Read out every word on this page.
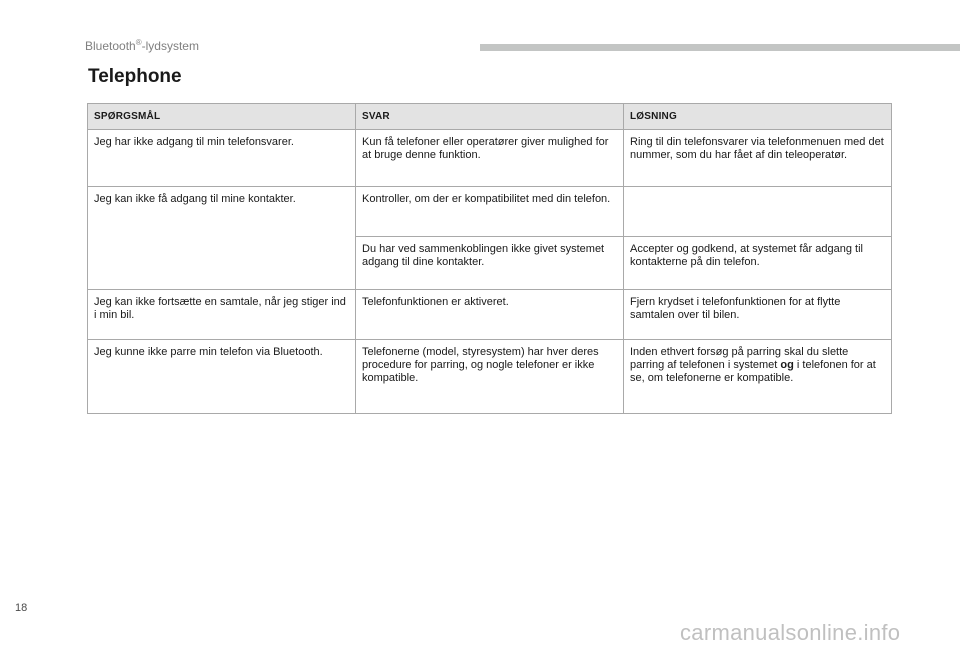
Bluetooth®-lydsystem
Telephone
SPØRGSMÅL	SVAR	LØSNING
Jeg har ikke adgang til min telefonsvarer.	Kun få telefoner eller operatører giver mulighed for at bruge denne funktion.	Ring til din telefonsvarer via telefonmenuen med det nummer, som du har fået af din teleoperatør.
Jeg kan ikke få adgang til mine kontakter.	Kontroller, om der er kompatibilitet med din telefon.	
	Du har ved sammenkoblingen ikke givet systemet adgang til dine kontakter.	Accepter og godkend, at systemet får adgang til kontakterne på din telefon.
Jeg kan ikke fortsætte en samtale, når jeg stiger ind i min bil.	Telefonfunktionen er aktiveret.	Fjern krydset i telefonfunktionen for at flytte samtalen over til bilen.
Jeg kunne ikke parre min telefon via Bluetooth.	Telefonerne (model, styresystem) har hver deres procedure for parring, og nogle telefoner er ikke kompatible.	Inden ethvert forsøg på parring skal du slette parring af telefonen i systemet og i telefonen for at se, om telefonerne er kompatible.
18
carmanualsonline.info
